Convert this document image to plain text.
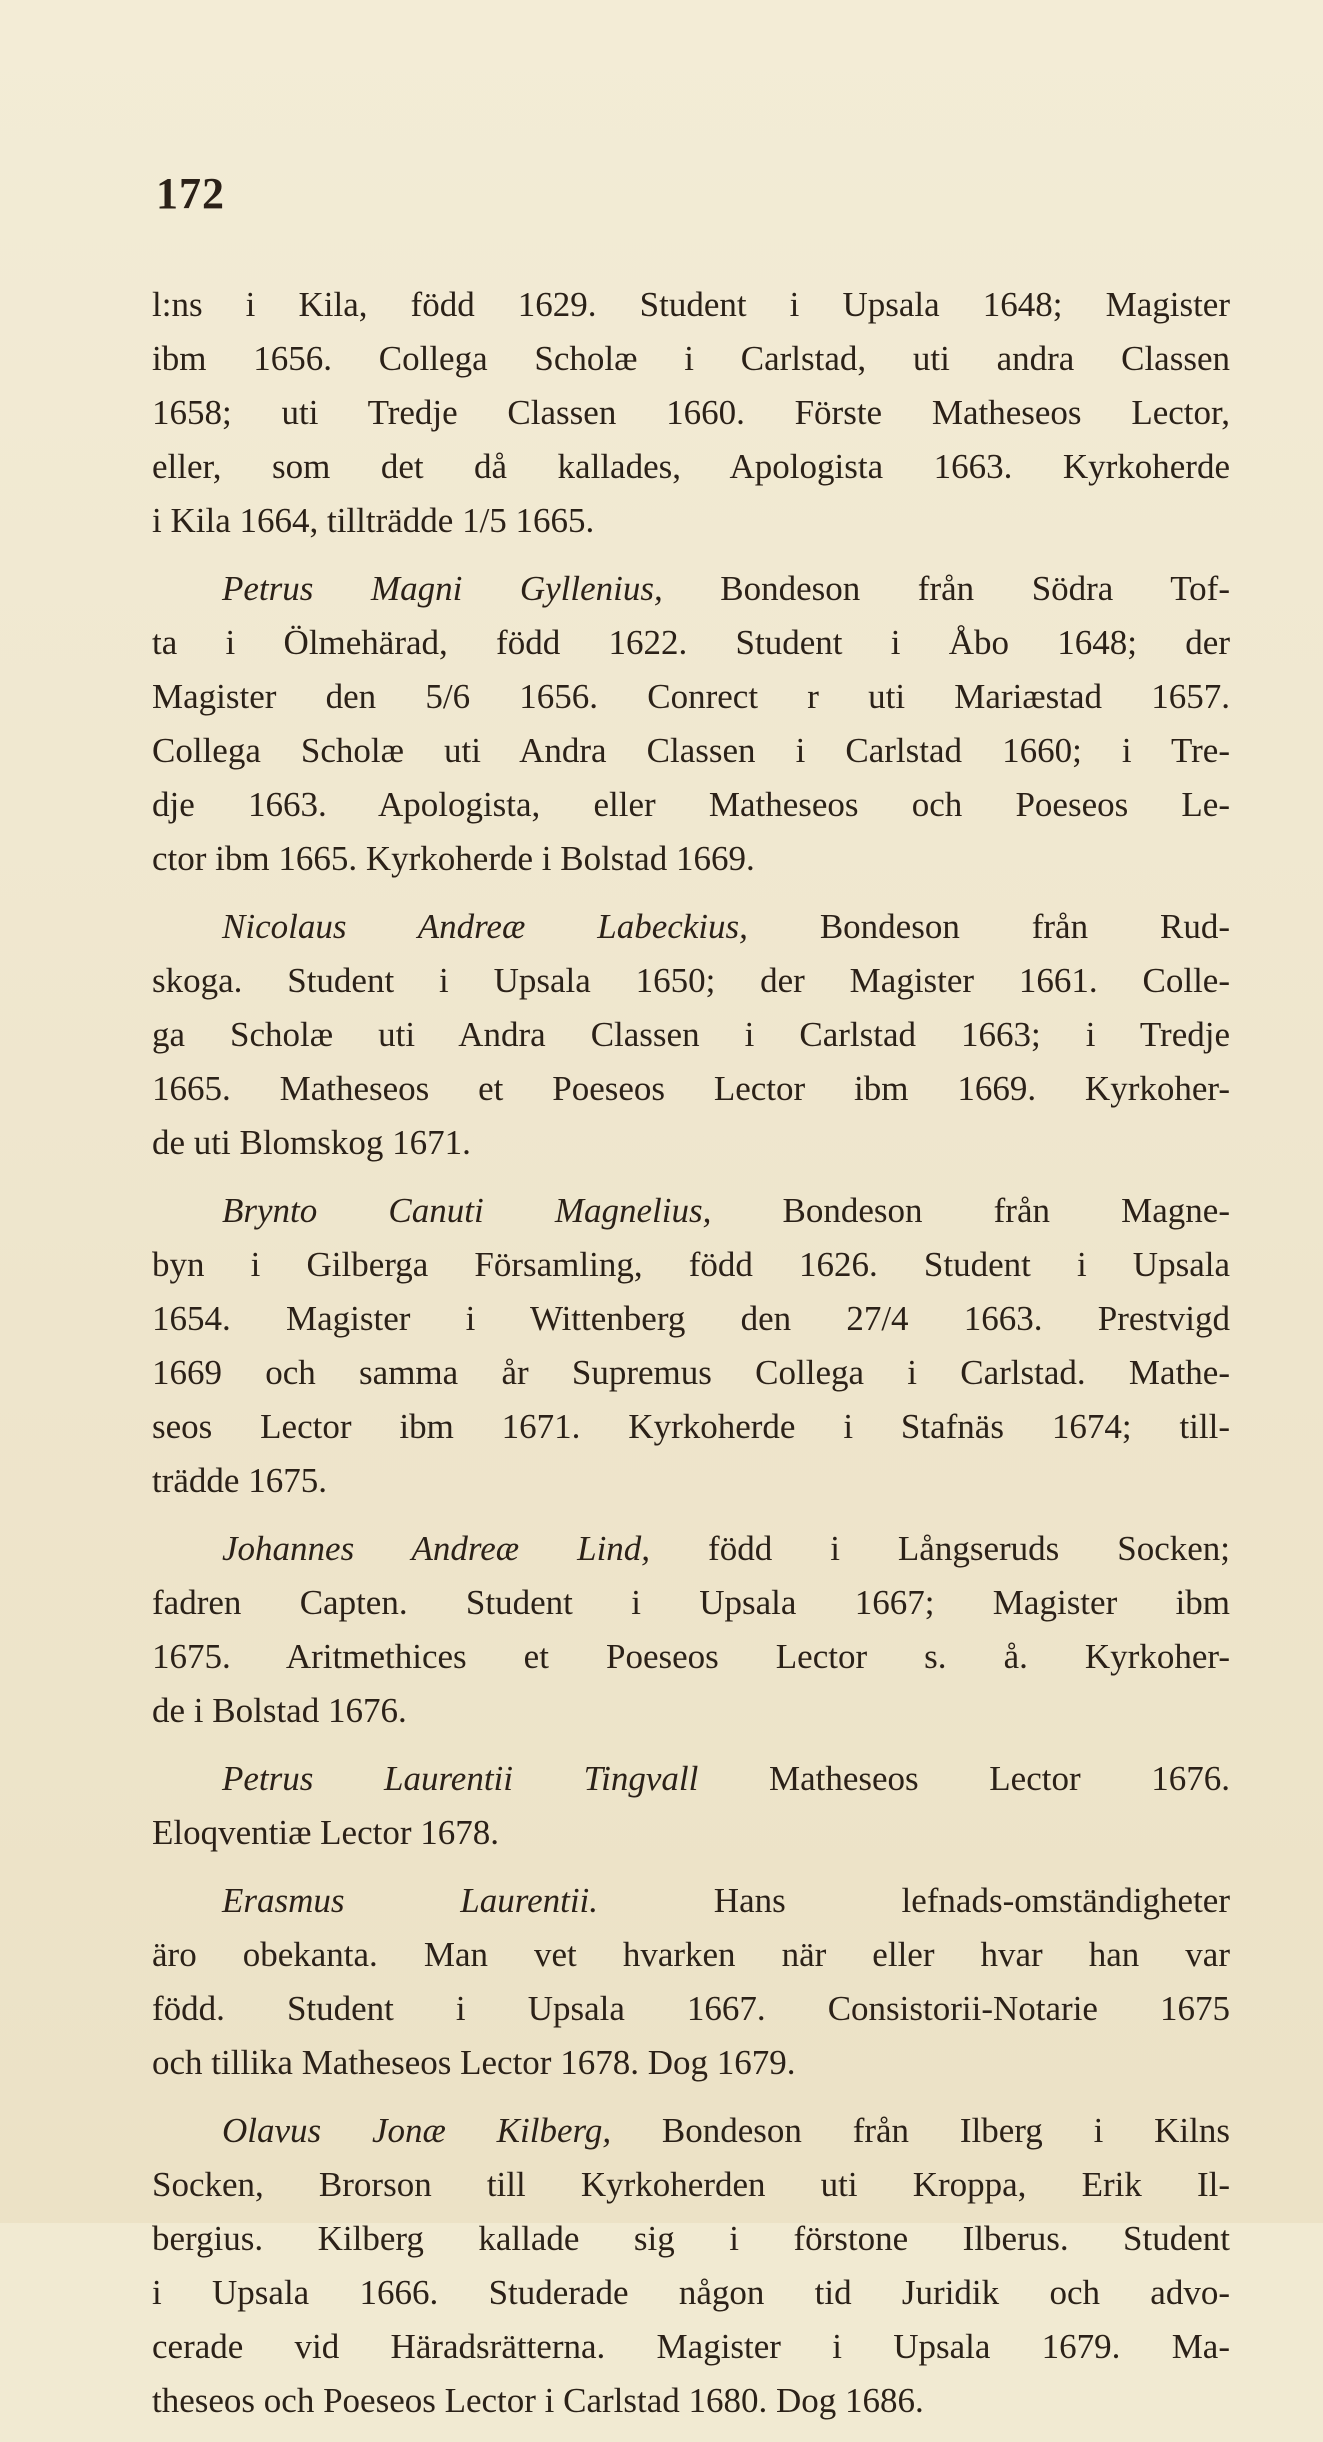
172
l:ns i Kila, född 1629. Student i Upsala 1648; Magister
ibm 1656. Collega Scholæ i Carlstad, uti andra Classen
1658; uti Tredje Classen 1660. Förste Matheseos Lector,
eller, som det då kallades, Apologista 1663. Kyrkoherde
i Kila 1664, tillträdde 1/5 1665.
Petrus Magni Gyllenius, Bondeson från Södra Tof-
ta i Ölmehärad, född 1622. Student i Åbo 1648; der
Magister den 5/6 1656. Conrect r uti Mariæstad 1657.
Collega Scholæ uti Andra Classen i Carlstad 1660; i Tre-
dje 1663. Apologista, eller Matheseos och Poeseos Le-
ctor ibm 1665. Kyrkoherde i Bolstad 1669.
Nicolaus Andreæ Labeckius, Bondeson från Rud-
skoga. Student i Upsala 1650; der Magister 1661. Colle-
ga Scholæ uti Andra Classen i Carlstad 1663; i Tredje
1665. Matheseos et Poeseos Lector ibm 1669. Kyrkoher-
de uti Blomskog 1671.
Brynto Canuti Magnelius, Bondeson från Magne-
byn i Gilberga Församling, född 1626. Student i Upsala
1654. Magister i Wittenberg den 27/4 1663. Prestvigd
1669 och samma år Supremus Collega i Carlstad. Mathe-
seos Lector ibm 1671. Kyrkoherde i Stafnäs 1674; till-
trädde 1675.
Johannes Andreæ Lind, född i Långseruds Socken;
fadren Capten. Student i Upsala 1667; Magister ibm
1675. Aritmethices et Poeseos Lector s. å. Kyrkoher-
de i Bolstad 1676.
Petrus Laurentii Tingvall Matheseos Lector 1676.
Eloqventiæ Lector 1678.
Erasmus Laurentii. Hans lefnads-omständigheter
äro obekanta. Man vet hvarken när eller hvar han var
född. Student i Upsala 1667. Consistorii-Notarie 1675
och tillika Matheseos Lector 1678. Dog 1679.
Olavus Jonæ Kilberg, Bondeson från Ilberg i Kilns
Socken, Brorson till Kyrkoherden uti Kroppa, Erik Il-
bergius. Kilberg kallade sig i förstone Ilberus. Student
i Upsala 1666. Studerade någon tid Juridik och advo-
cerade vid Häradsrätterna. Magister i Upsala 1679. Ma-
theseos och Poeseos Lector i Carlstad 1680. Dog 1686.
